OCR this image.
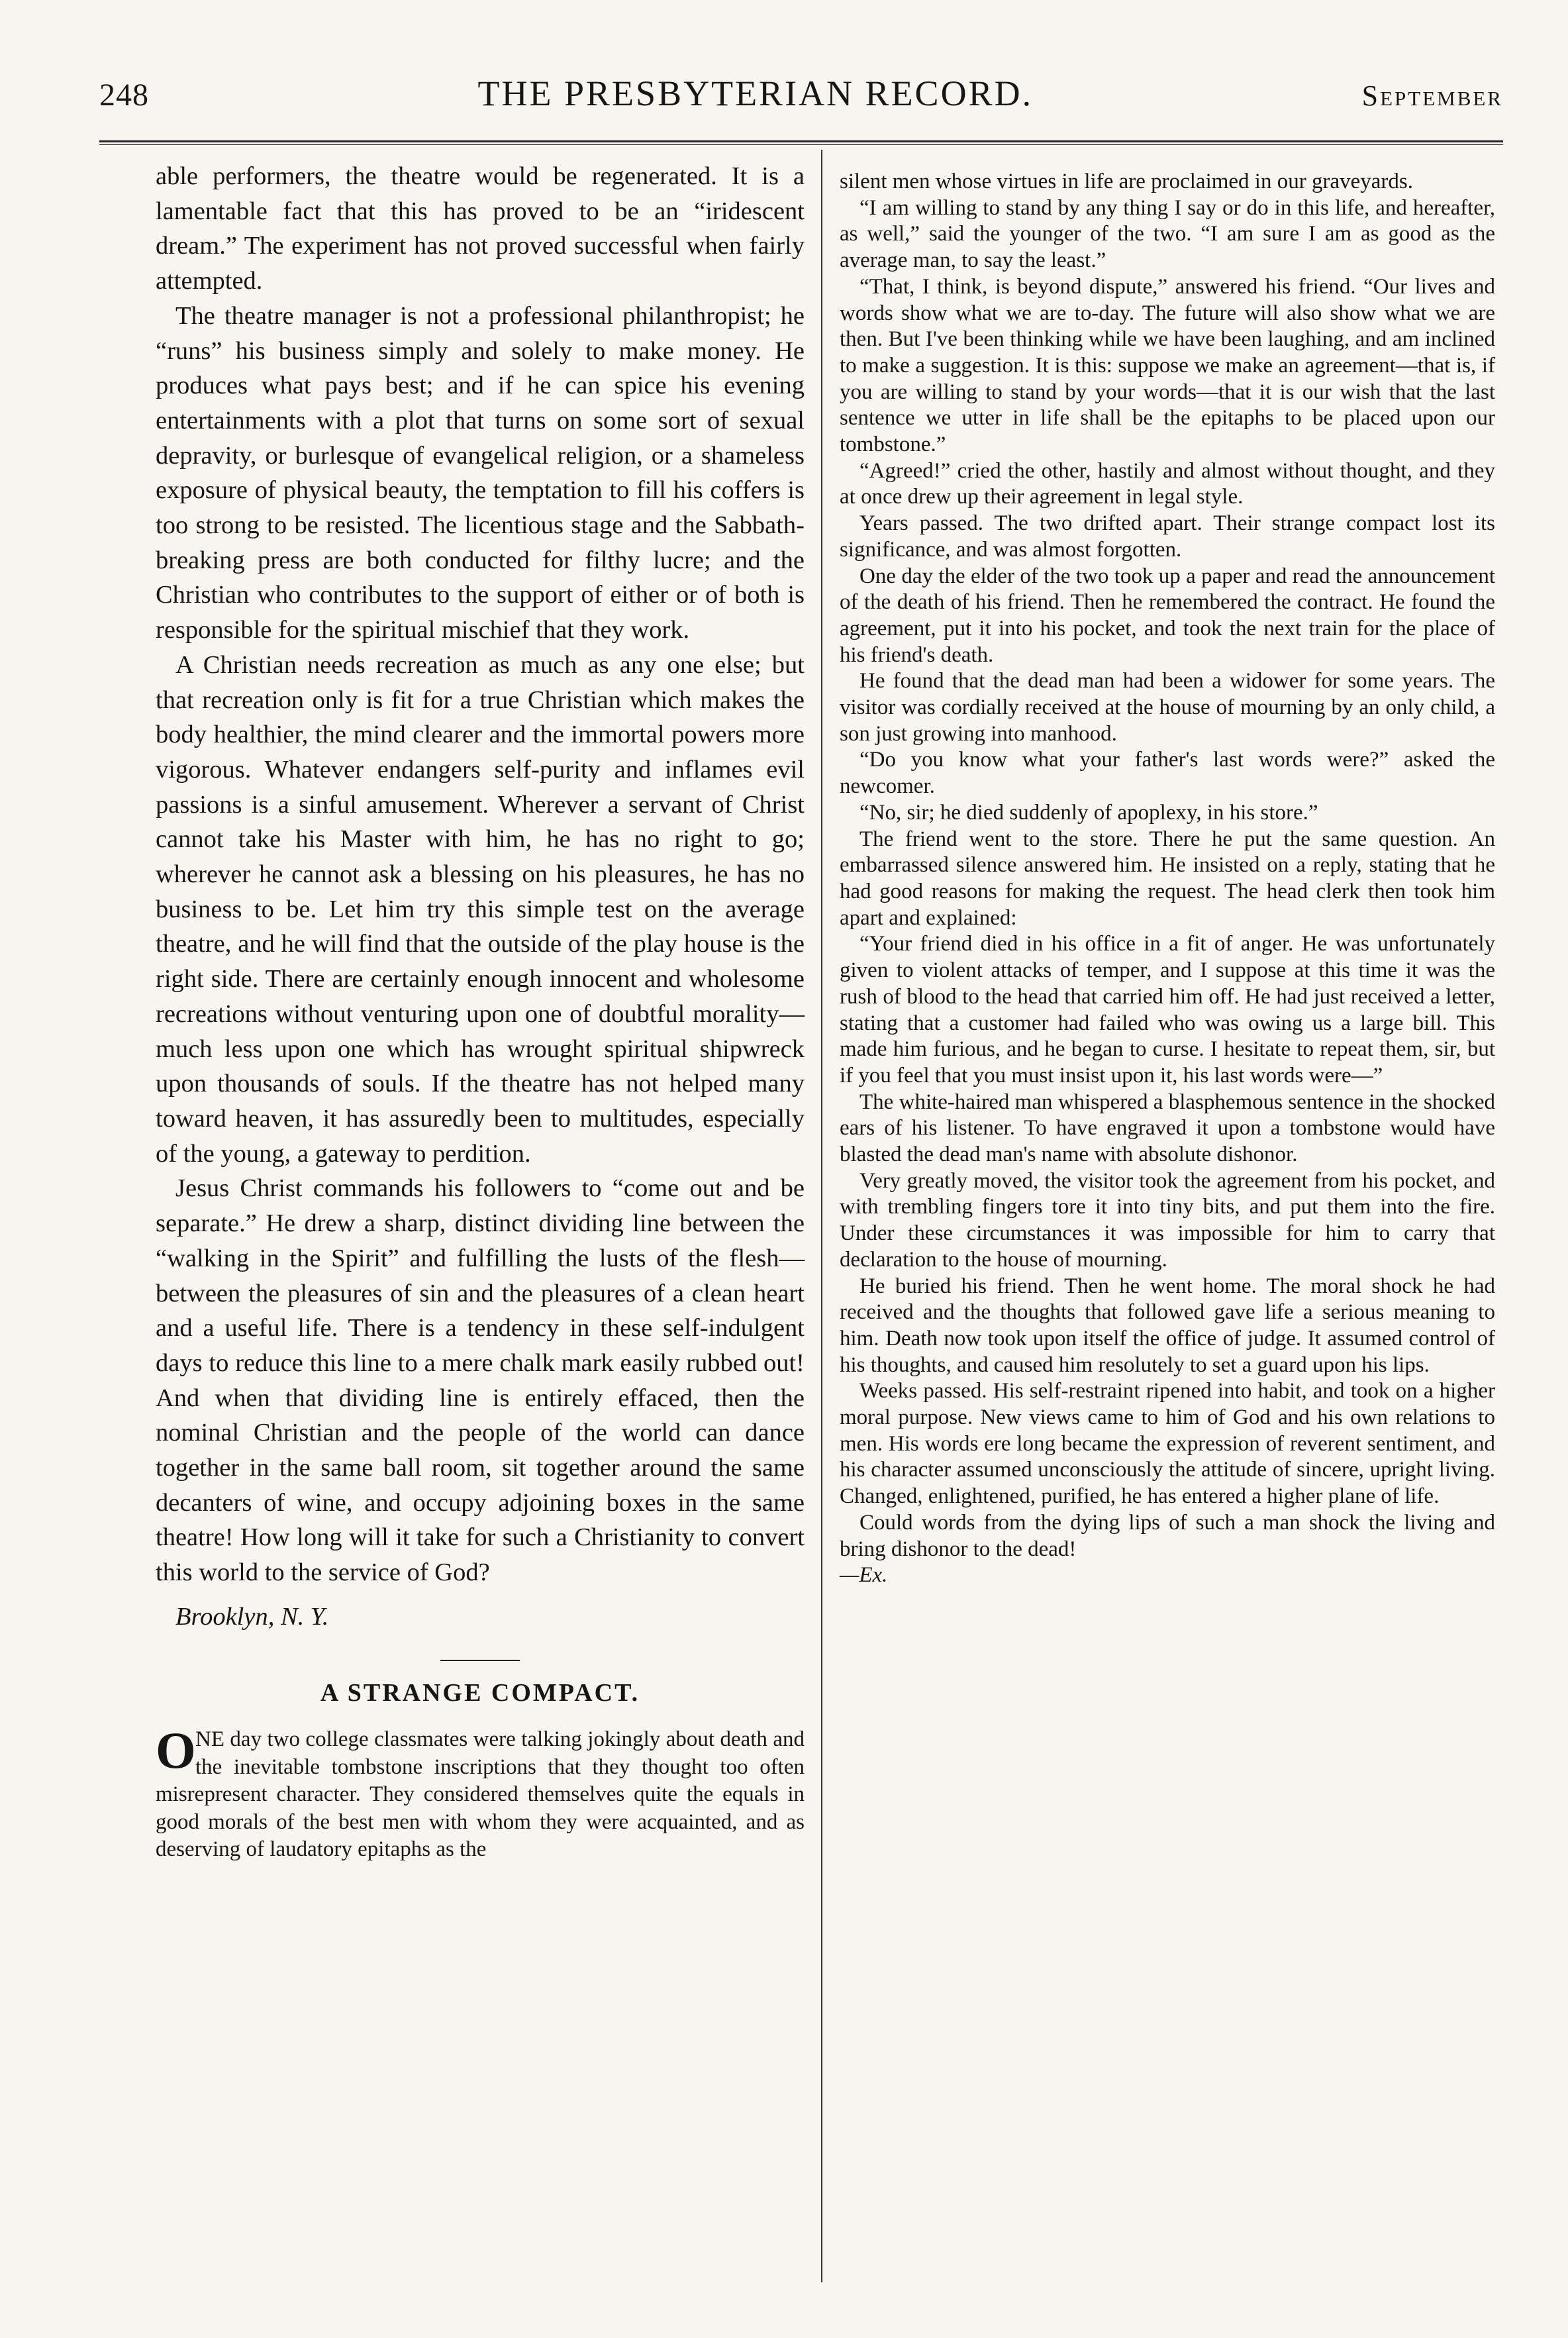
248	THE PRESBYTERIAN RECORD.	September

able performers, the theatre would be regenerated. It is a lamentable fact that this has proved to be an “iridescent dream.” The experiment has not proved successful when fairly attempted.

The theatre manager is not a professional philanthropist; he “runs” his business simply and solely to make money. He produces what pays best; and if he can spice his evening entertainments with a plot that turns on some sort of sexual depravity, or burlesque of evangelical religion, or a shameless exposure of physical beauty, the temptation to fill his coffers is too strong to be resisted. The licentious stage and the Sabbath-breaking press are both conducted for filthy lucre; and the Christian who contributes to the support of either or of both is responsible for the spiritual mischief that they work.

A Christian needs recreation as much as any one else; but that recreation only is fit for a true Christian which makes the body healthier, the mind clearer and the immortal powers more vigorous. Whatever endangers self-purity and inflames evil passions is a sinful amusement. Wherever a servant of Christ cannot take his Master with him, he has no right to go; wherever he cannot ask a blessing on his pleasures, he has no business to be. Let him try this simple test on the average theatre, and he will find that the outside of the play house is the right side. There are certainly enough innocent and wholesome recreations without venturing upon one of doubtful morality—much less upon one which has wrought spiritual shipwreck upon thousands of souls. If the theatre has not helped many toward heaven, it has assuredly been to multitudes, especially of the young, a gateway to perdition.

Jesus Christ commands his followers to “come out and be separate.” He drew a sharp, distinct dividing line between the “walking in the Spirit” and fulfilling the lusts of the flesh—between the pleasures of sin and the pleasures of a clean heart and a useful life. There is a tendency in these self-indulgent days to reduce this line to a mere chalk mark easily rubbed out! And when that dividing line is entirely effaced, then the nominal Christian and the people of the world can dance together in the same ball room, sit together around the same decanters of wine, and occupy adjoining boxes in the same theatre! How long will it take for such a Christianity to convert this world to the service of God?

Brooklyn, N. Y.

A STRANGE COMPACT.
ONE day two college classmates were talking jokingly about death and the inevitable tombstone inscriptions that they thought too often misrepresent character. They considered themselves quite the equals in good morals of the best men with whom they were acquainted, and as deserving of laudatory epitaphs as the

silent men whose virtues in life are proclaimed in our graveyards.

“I am willing to stand by any thing I say or do in this life, and hereafter, as well,” said the younger of the two. “I am sure I am as good as the average man, to say the least.”

“That, I think, is beyond dispute,” answered his friend. “Our lives and words show what we are to-day. The future will also show what we are then. But I've been thinking while we have been laughing, and am inclined to make a suggestion. It is this: suppose we make an agreement—that is, if you are willing to stand by your words—that it is our wish that the last sentence we utter in life shall be the epitaphs to be placed upon our tombstone.”

“Agreed!” cried the other, hastily and almost without thought, and they at once drew up their agreement in legal style.

Years passed. The two drifted apart. Their strange compact lost its significance, and was almost forgotten.

One day the elder of the two took up a paper and read the announcement of the death of his friend. Then he remembered the contract. He found the agreement, put it into his pocket, and took the next train for the place of his friend's death.

He found that the dead man had been a widower for some years. The visitor was cordially received at the house of mourning by an only child, a son just growing into manhood.

“Do you know what your father's last words were?” asked the newcomer.

“No, sir; he died suddenly of apoplexy, in his store.”

The friend went to the store. There he put the same question. An embarrassed silence answered him. He insisted on a reply, stating that he had good reasons for making the request. The head clerk then took him apart and explained:

“Your friend died in his office in a fit of anger. He was unfortunately given to violent attacks of temper, and I suppose at this time it was the rush of blood to the head that carried him off. He had just received a letter, stating that a customer had failed who was owing us a large bill. This made him furious, and he began to curse. I hesitate to repeat them, sir, but if you feel that you must insist upon it, his last words were—”

The white-haired man whispered a blasphemous sentence in the shocked ears of his listener. To have engraved it upon a tombstone would have blasted the dead man's name with absolute dishonor.

Very greatly moved, the visitor took the agreement from his pocket, and with trembling fingers tore it into tiny bits, and put them into the fire. Under these circumstances it was impossible for him to carry that declaration to the house of mourning.

He buried his friend. Then he went home. The moral shock he had received and the thoughts that followed gave life a serious meaning to him. Death now took upon itself the office of judge. It assumed control of his thoughts, and caused him resolutely to set a guard upon his lips.

Weeks passed. His self-restraint ripened into habit, and took on a higher moral purpose. New views came to him of God and his own relations to men. His words ere long became the expression of reverent sentiment, and his character assumed unconsciously the attitude of sincere, upright living. Changed, enlightened, purified, he has entered a higher plane of life.

Could words from the dying lips of such a man shock the living and bring dishonor to the dead!

—Ex.
